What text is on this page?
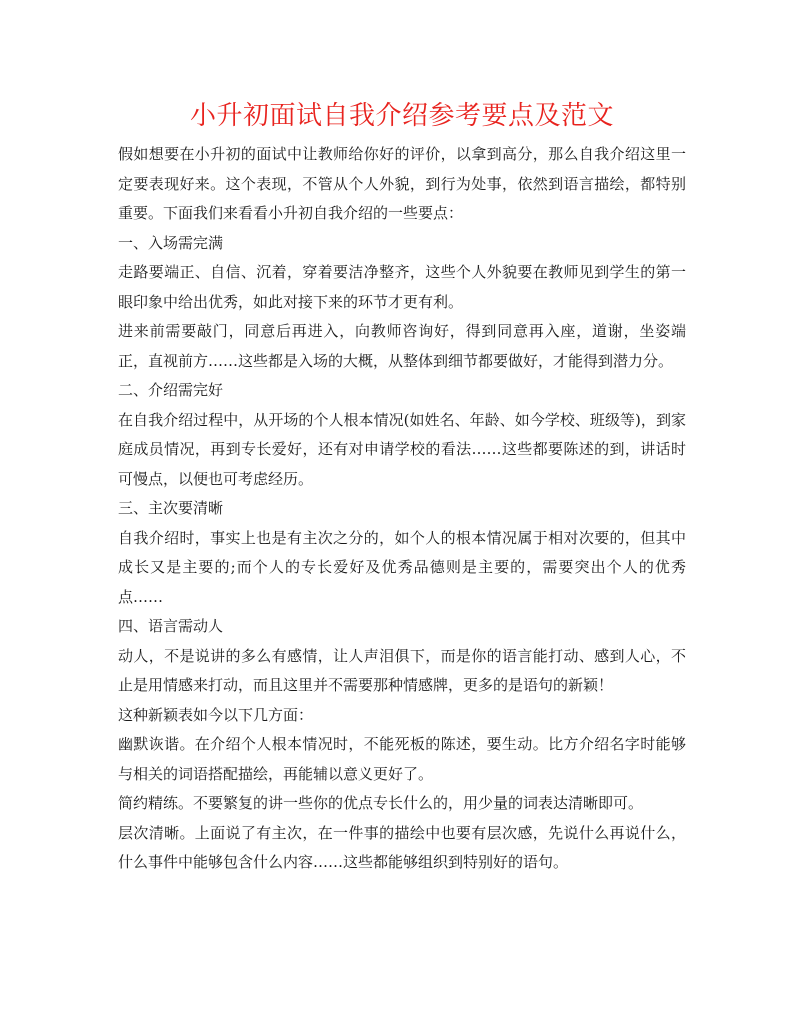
小升初面试自我介绍参考要点及范文

假如想要在小升初的面试中让教师给你好的评价，以拿到高分，那么自我介绍这里一定要表现好来。这个表现，不管从个人外貌，到行为处事，依然到语言描绘，都特别重要。下面我们来看看小升初自我介绍的一些要点：

一、入场需完满

走路要端正、自信、沉着，穿着要洁净整齐，这些个人外貌要在教师见到学生的第一眼印象中给出优秀，如此对接下来的环节才更有利。

进来前需要敲门，同意后再进入，向教师咨询好，得到同意再入座，道谢，坐姿端正，直视前方……这些都是入场的大概，从整体到细节都要做好，才能得到潜力分。

二、介绍需完好

在自我介绍过程中，从开场的个人根本情况(如姓名、年龄、如今学校、班级等)，到家庭成员情况，再到专长爱好，还有对申请学校的看法……这些都要陈述的到，讲话时可慢点，以便也可考虑经历。

三、主次要清晰

自我介绍时，事实上也是有主次之分的，如个人的根本情况属于相对次要的，但其中成长又是主要的;而个人的专长爱好及优秀品德则是主要的，需要突出个人的优秀点……

四、语言需动人

动人，不是说讲的多么有感情，让人声泪俱下，而是你的语言能打动、感到人心，不止是用情感来打动，而且这里并不需要那种情感牌，更多的是语句的新颖！

这种新颖表如今以下几方面：

幽默诙谐。在介绍个人根本情况时，不能死板的陈述，要生动。比方介绍名字时能够与相关的词语搭配描绘，再能辅以意义更好了。

简约精练。不要繁复的讲一些你的优点专长什么的，用少量的词表达清晰即可。

层次清晰。上面说了有主次，在一件事的描绘中也要有层次感，先说什么再说什么，什么事件中能够包含什么内容……这些都能够组织到特别好的语句。
